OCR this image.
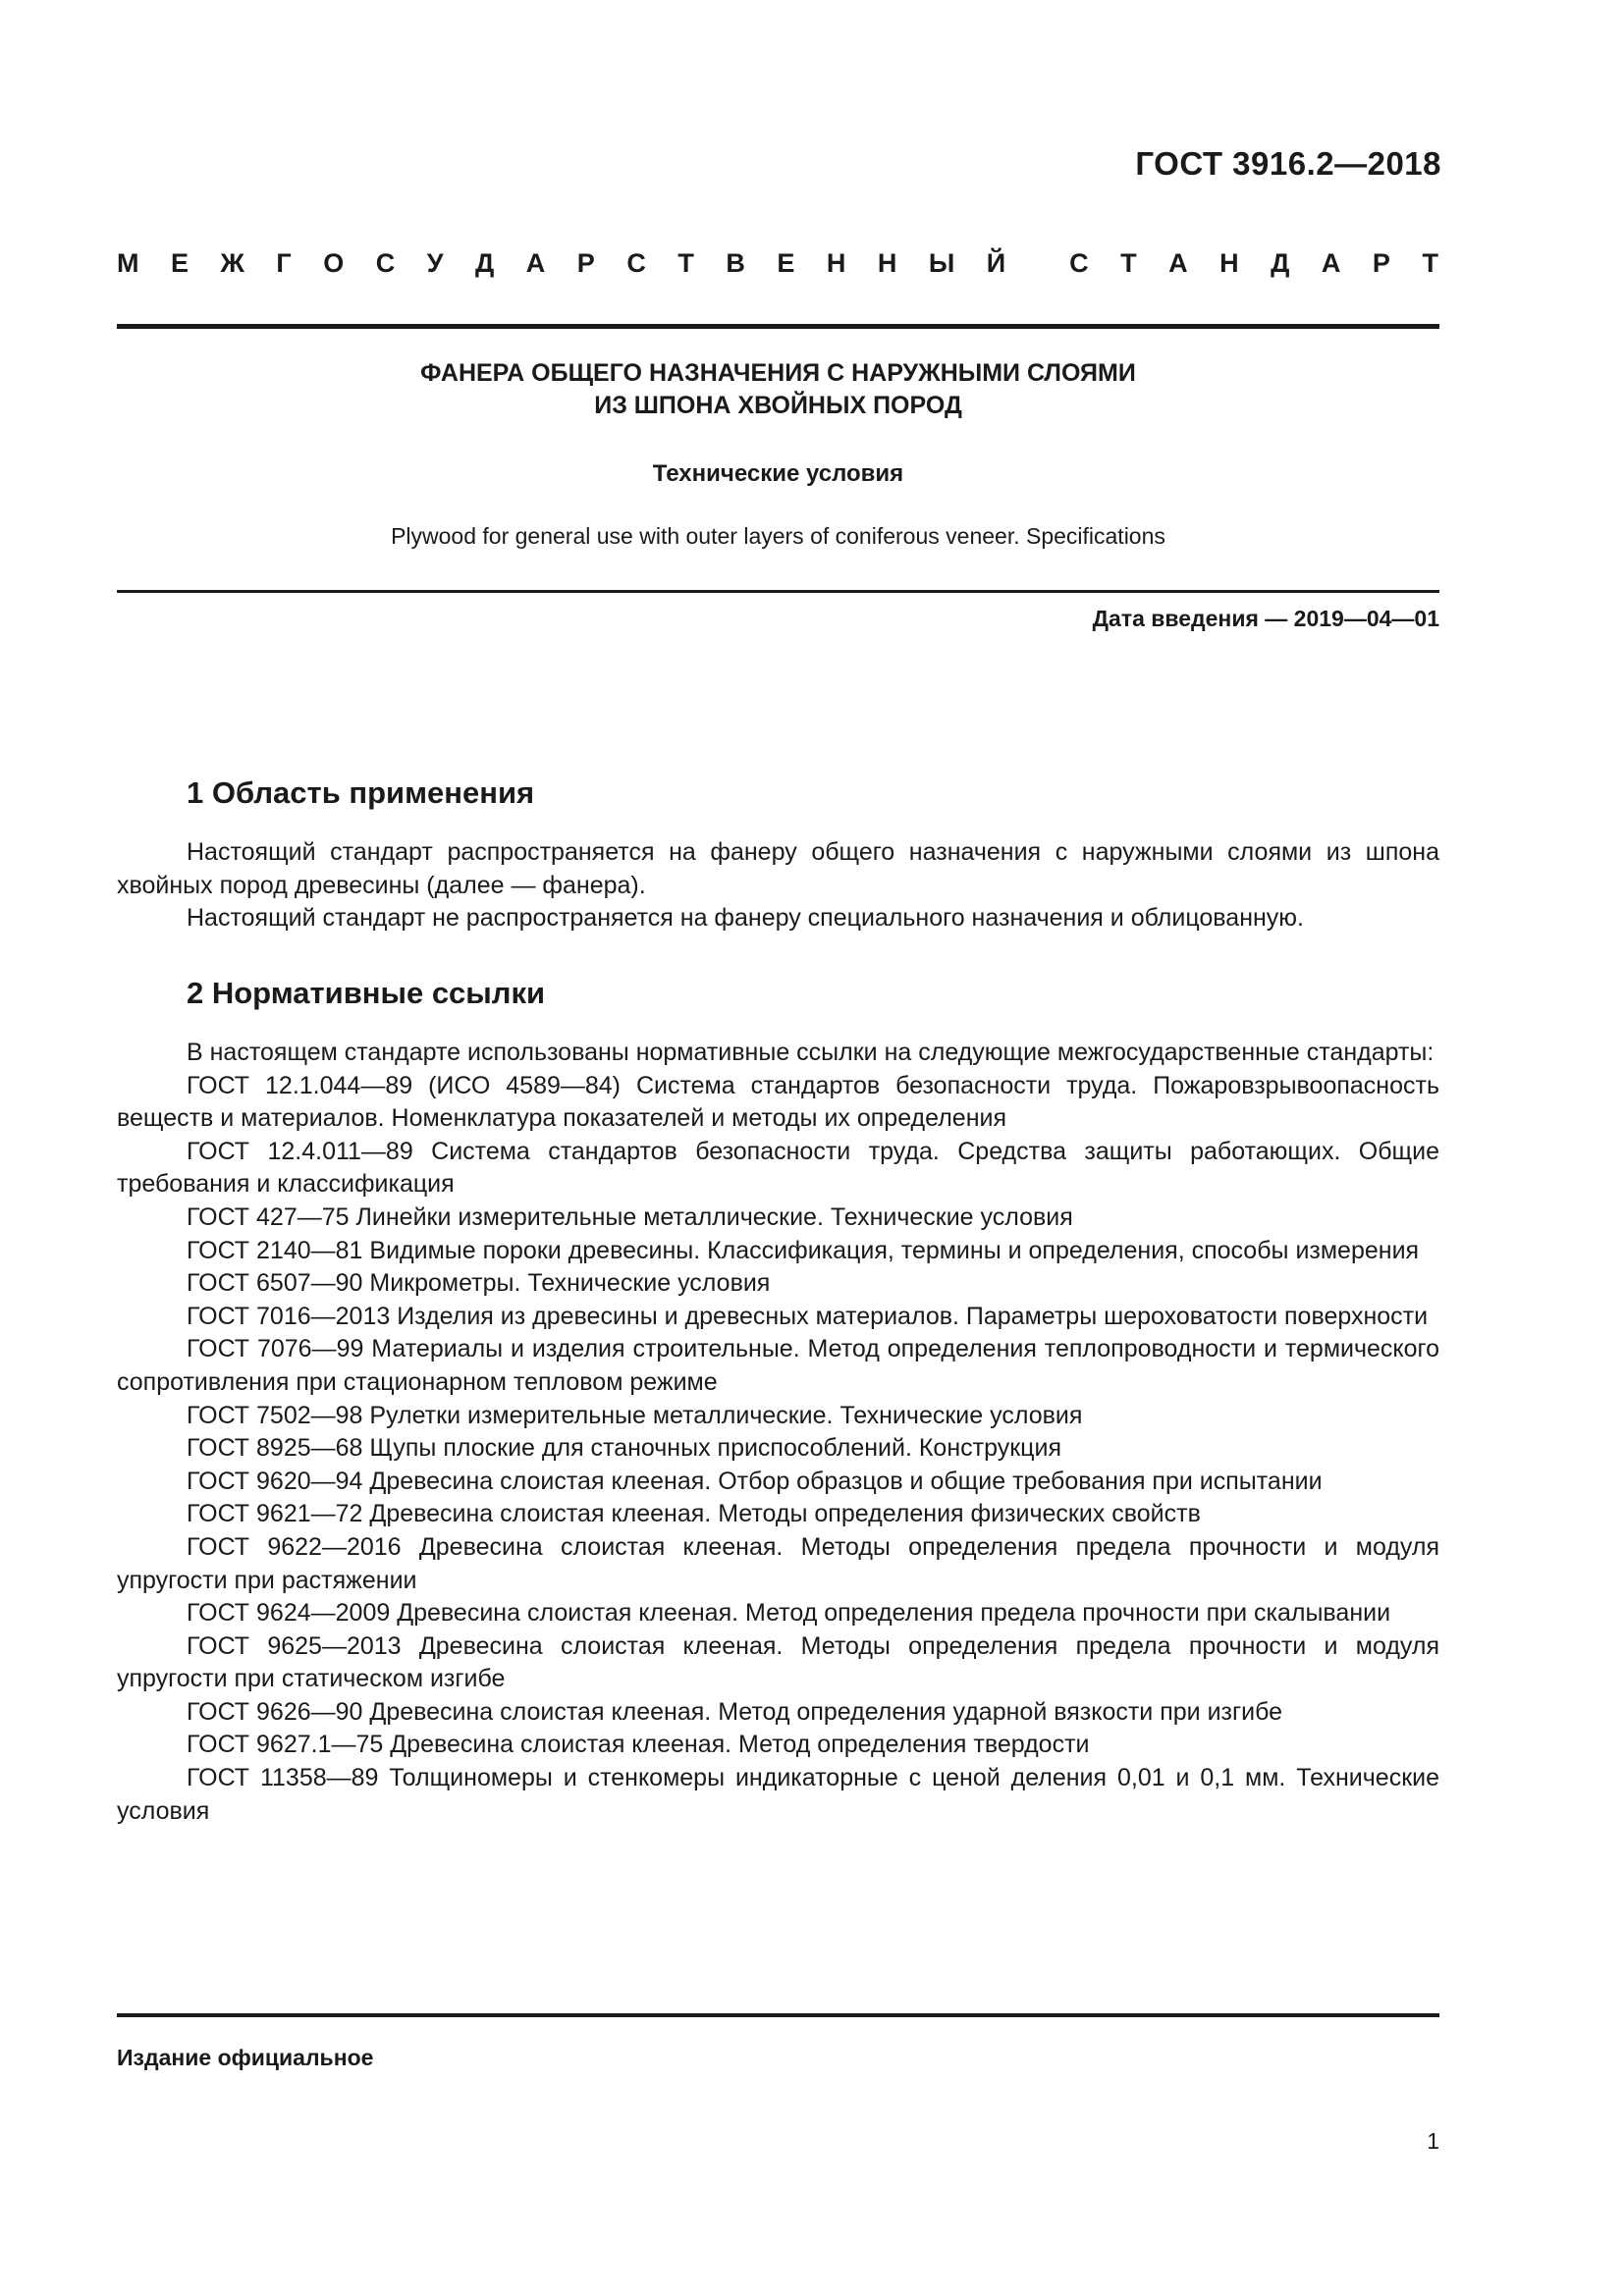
ГОСТ 3916.2—2018
М Е Ж Г О С У Д А Р С Т В Е Н Н Ы Й С Т А Н Д А Р Т
ФАНЕРА ОБЩЕГО НАЗНАЧЕНИЯ С НАРУЖНЫМИ СЛОЯМИ
ИЗ ШПОНА ХВОЙНЫХ ПОРОД
Технические условия
Plywood for general use with outer layers of coniferous veneer. Specifications
Дата введения — 2019—04—01
1 Область применения

Настоящий стандарт распространяется на фанеру общего назначения с наружными слоями из шпона хвойных пород древесины (далее — фанера).

Настоящий стандарт не распространяется на фанеру специального назначения и облицованную.

2 Нормативные ссылки

В настоящем стандарте использованы нормативные ссылки на следующие межгосударственные стандарты:

ГОСТ 12.1.044—89 (ИСО 4589—84) Система стандартов безопасности труда. Пожаровзрывоопасность веществ и материалов. Номенклатура показателей и методы их определения

ГОСТ 12.4.011—89 Система стандартов безопасности труда. Средства защиты работающих. Общие требования и классификация

ГОСТ 427—75 Линейки измерительные металлические. Технические условия

ГОСТ 2140—81 Видимые пороки древесины. Классификация, термины и определения, способы измерения

ГОСТ 6507—90 Микрометры. Технические условия

ГОСТ 7016—2013 Изделия из древесины и древесных материалов. Параметры шероховатости поверхности

ГОСТ 7076—99 Материалы и изделия строительные. Метод определения теплопроводности и термического сопротивления при стационарном тепловом режиме

ГОСТ 7502—98 Рулетки измерительные металлические. Технические условия

ГОСТ 8925—68 Щупы плоские для станочных приспособлений. Конструкция

ГОСТ 9620—94 Древесина слоистая клееная. Отбор образцов и общие требования при испытании

ГОСТ 9621—72 Древесина слоистая клееная. Методы определения физических свойств

ГОСТ 9622—2016 Древесина слоистая клееная. Методы определения предела прочности и модуля упругости при растяжении

ГОСТ 9624—2009 Древесина слоистая клееная. Метод определения предела прочности при скалывании

ГОСТ 9625—2013 Древесина слоистая клееная. Методы определения предела прочности и модуля упругости при статическом изгибе

ГОСТ 9626—90 Древесина слоистая клееная. Метод определения ударной вязкости при изгибе

ГОСТ 9627.1—75 Древесина слоистая клееная. Метод определения твердости

ГОСТ 11358—89 Толщиномеры и стенкомеры индикаторные с ценой деления 0,01 и 0,1 мм. Технические условия

Издание официальное
1
